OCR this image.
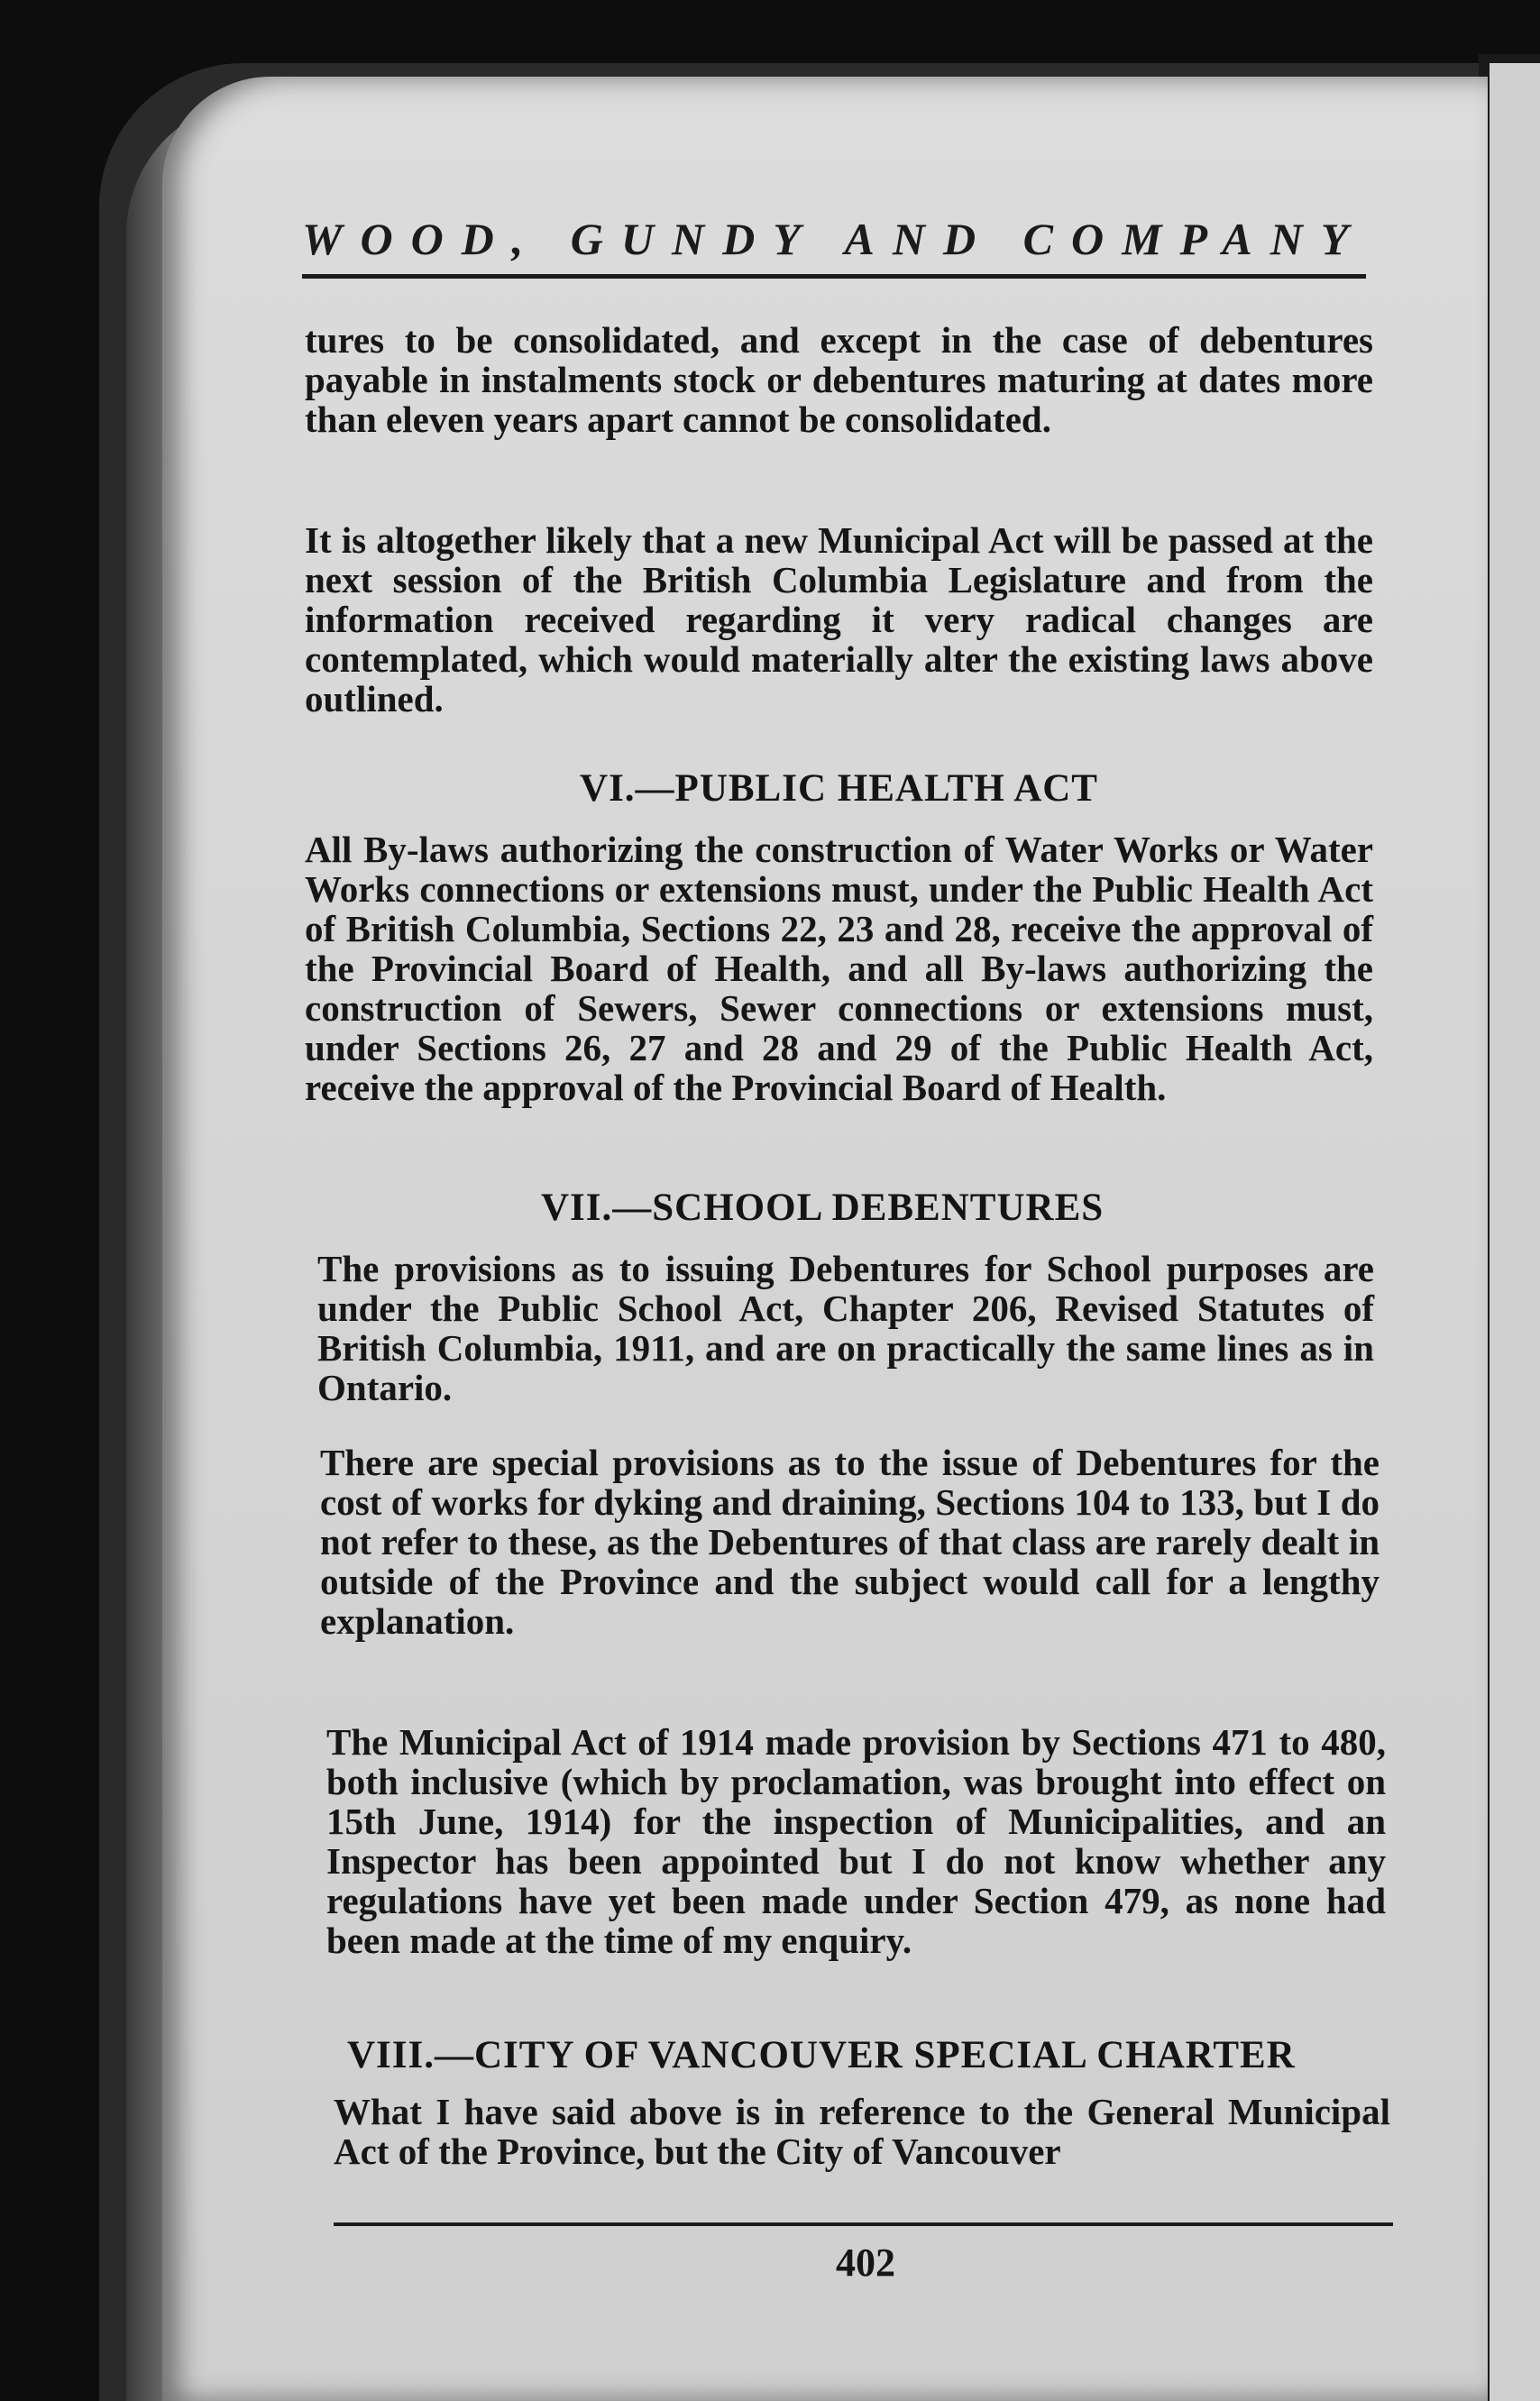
WOOD, GUNDY AND COMPANY
tures to be consolidated, and except in the case of debentures payable in instalments stock or debentures maturing at dates more than eleven years apart cannot be consolidated.
It is altogether likely that a new Municipal Act will be passed at the next session of the British Columbia Legislature and from the information received regarding it very radical changes are contemplated, which would materially alter the existing laws above outlined.
VI.—PUBLIC HEALTH ACT
All By-laws authorizing the construction of Water Works or Water Works connections or extensions must, under the Public Health Act of British Columbia, Sections 22, 23 and 28, receive the approval of the Provincial Board of Health, and all By-laws authorizing the construction of Sewers, Sewer connections or extensions must, under Sections 26, 27 and 28 and 29 of the Public Health Act, receive the approval of the Provincial Board of Health.
VII.—SCHOOL DEBENTURES
The provisions as to issuing Debentures for School purposes are under the Public School Act, Chapter 206, Revised Statutes of British Columbia, 1911, and are on practically the same lines as in Ontario.
There are special provisions as to the issue of Debentures for the cost of works for dyking and draining, Sections 104 to 133, but I do not refer to these, as the Debentures of that class are rarely dealt in outside of the Province and the subject would call for a lengthy explanation.
The Municipal Act of 1914 made provision by Sections 471 to 480, both inclusive (which by proclamation, was brought into effect on 15th June, 1914) for the inspection of Municipalities, and an Inspector has been appointed but I do not know whether any regulations have yet been made under Section 479, as none had been made at the time of my enquiry.
VIII.—CITY OF VANCOUVER SPECIAL CHARTER
What I have said above is in reference to the General Municipal Act of the Province, but the City of Vancouver
402
